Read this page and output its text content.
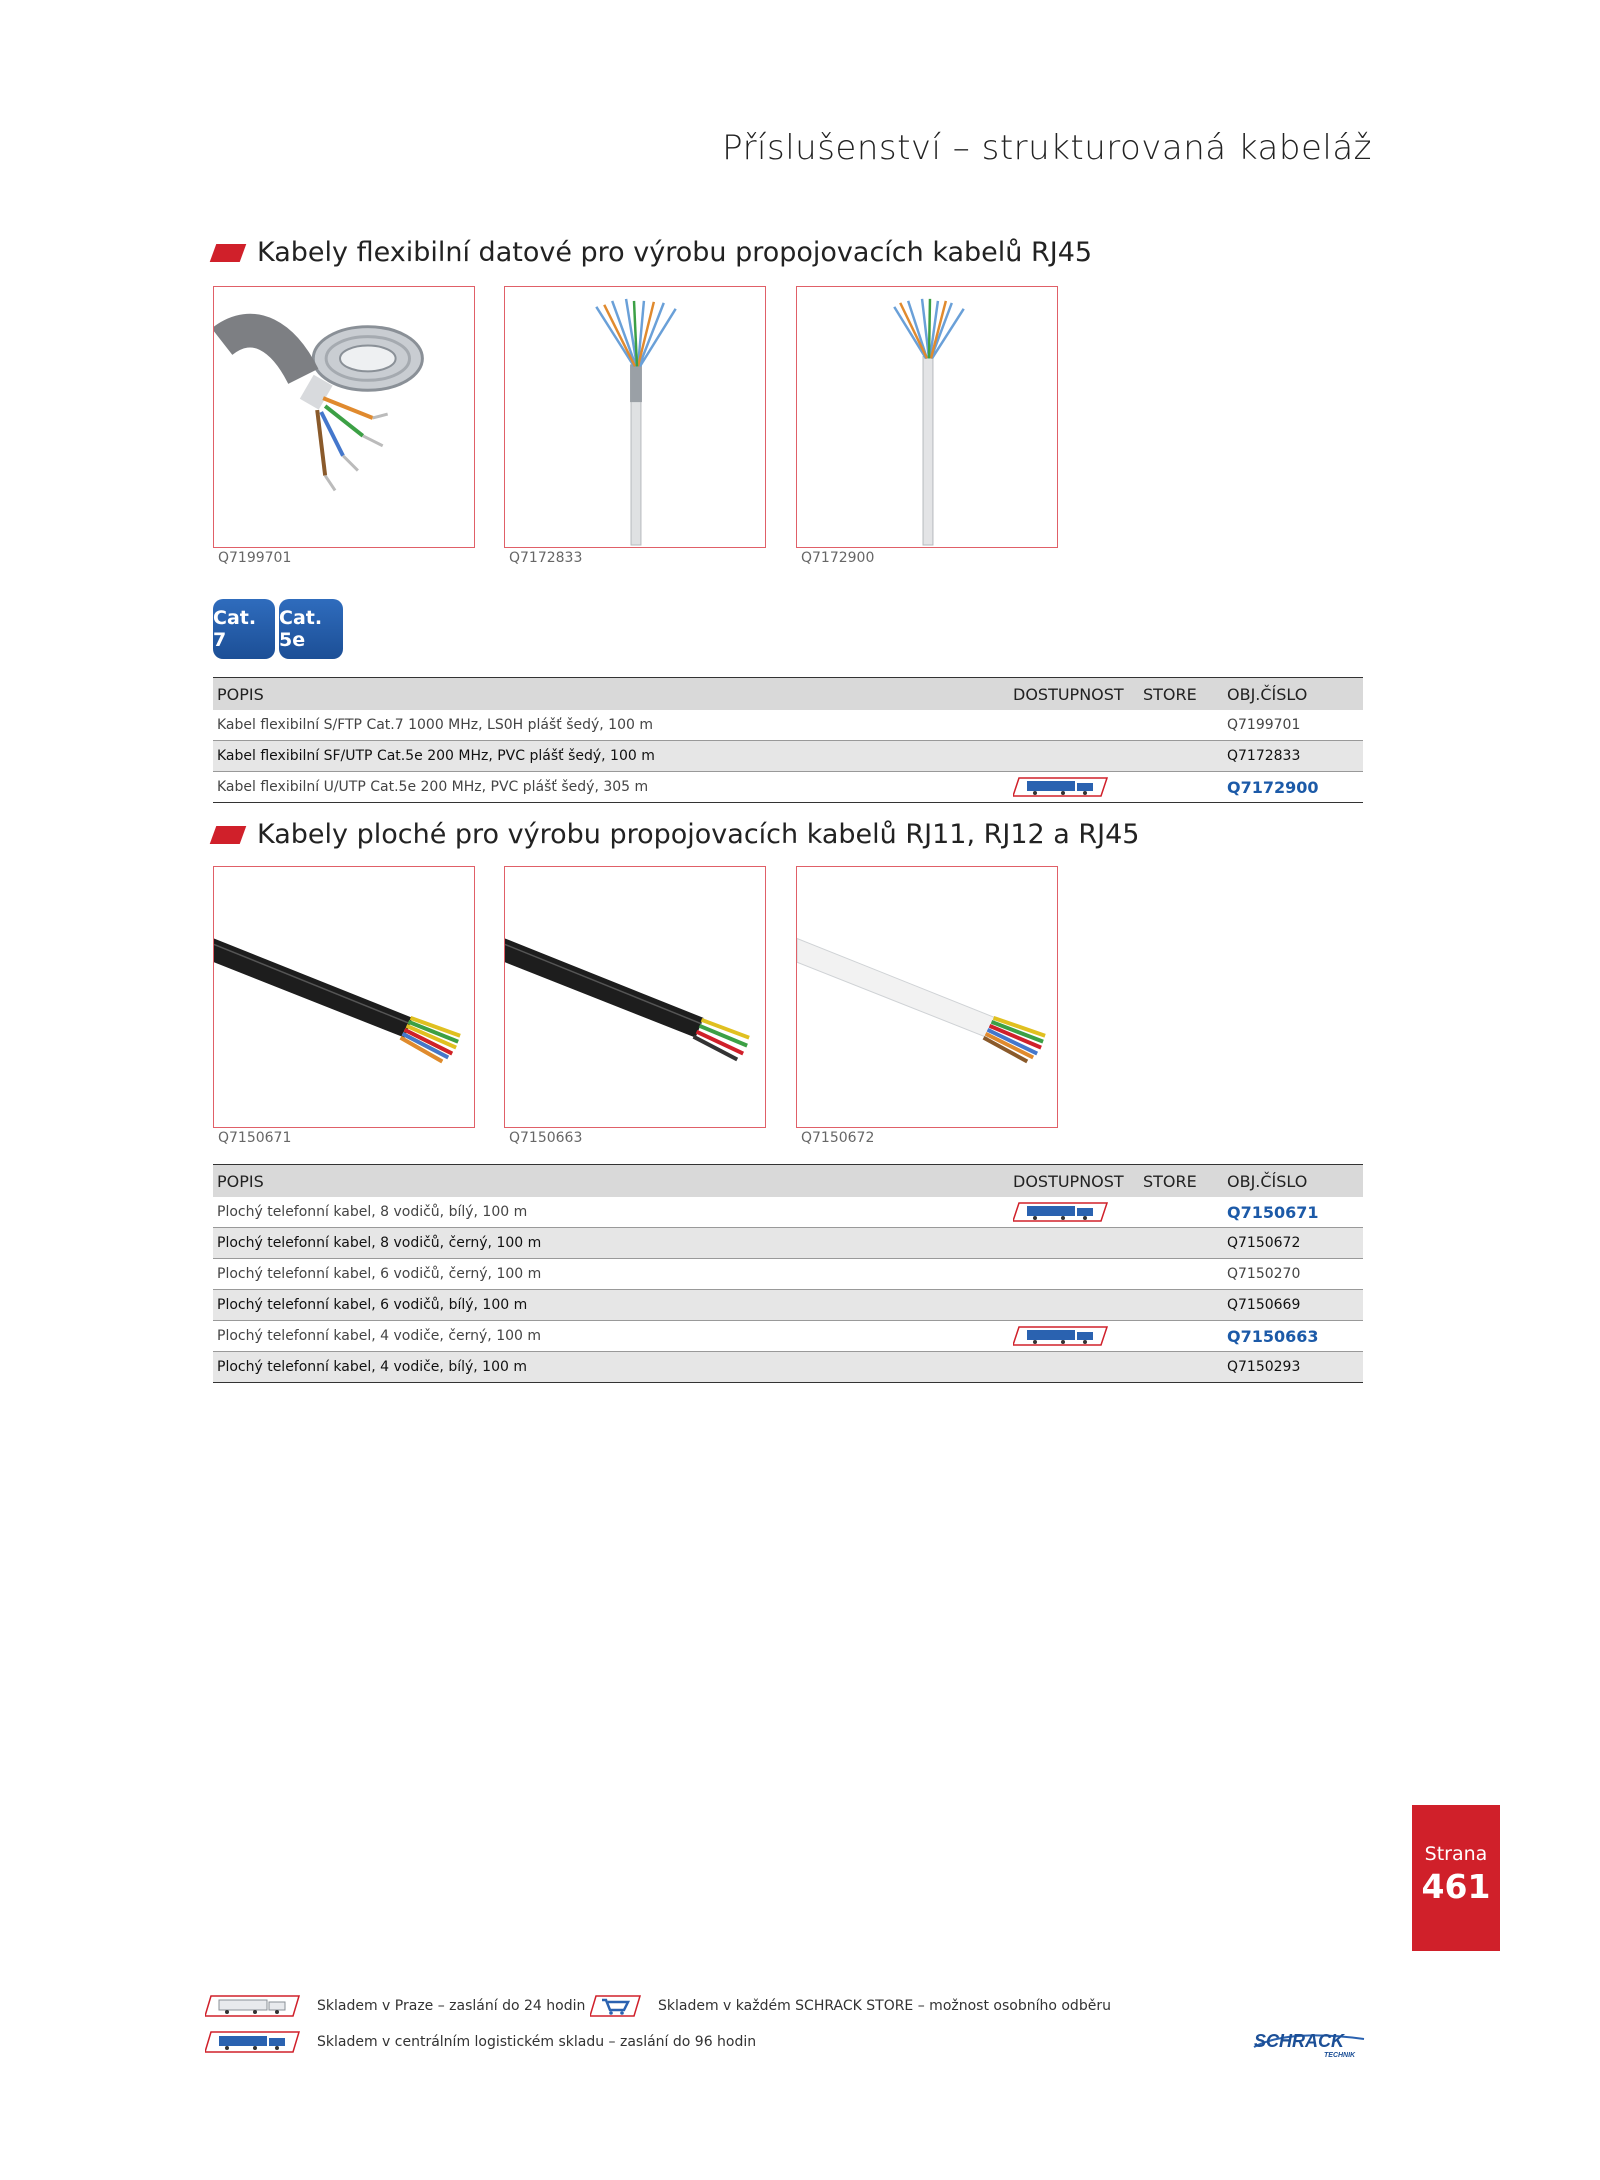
Příslušenství – strukturovaná kabeláž
Kabely flexibilní datové pro výrobu propojovacích kabelů RJ45
Q7199701	Q7172833	Q7172900
Cat. 7
Cat. 5e
POPIS	DOSTUPNOST	STORE	OBJ.ČÍSLO
Kabel flexibilní S/FTP Cat.7 1000 MHz, LS0H plášť šedý, 100 m			Q7199701
Kabel flexibilní SF/UTP Cat.5e 200 MHz, PVC plášť šedý, 100 m			Q7172833
Kabel flexibilní U/UTP Cat.5e 200 MHz, PVC plášť šedý, 305 m			Q7172900
Kabely ploché pro výrobu propojovacích kabelů RJ11, RJ12 a RJ45
Q7150671	Q7150663	Q7150672
POPIS	DOSTUPNOST	STORE	OBJ.ČÍSLO
Plochý telefonní kabel, 8 vodičů, bílý, 100 m			Q7150671
Plochý telefonní kabel, 8 vodičů, černý, 100 m			Q7150672
Plochý telefonní kabel, 6 vodičů, černý, 100 m			Q7150270
Plochý telefonní kabel, 6 vodičů, bílý, 100 m			Q7150669
Plochý telefonní kabel, 4 vodiče, černý, 100 m			Q7150663
Plochý telefonní kabel, 4 vodiče, bílý, 100 m			Q7150293
Strana
461
Skladem v Praze – zaslání do 24 hodin	Skladem v každém SCHRACK STORE – možnost osobního odběru
Skladem v centrálním logistickém skladu – zaslání do 96 hodin	SCHRACK
TECHNIK
